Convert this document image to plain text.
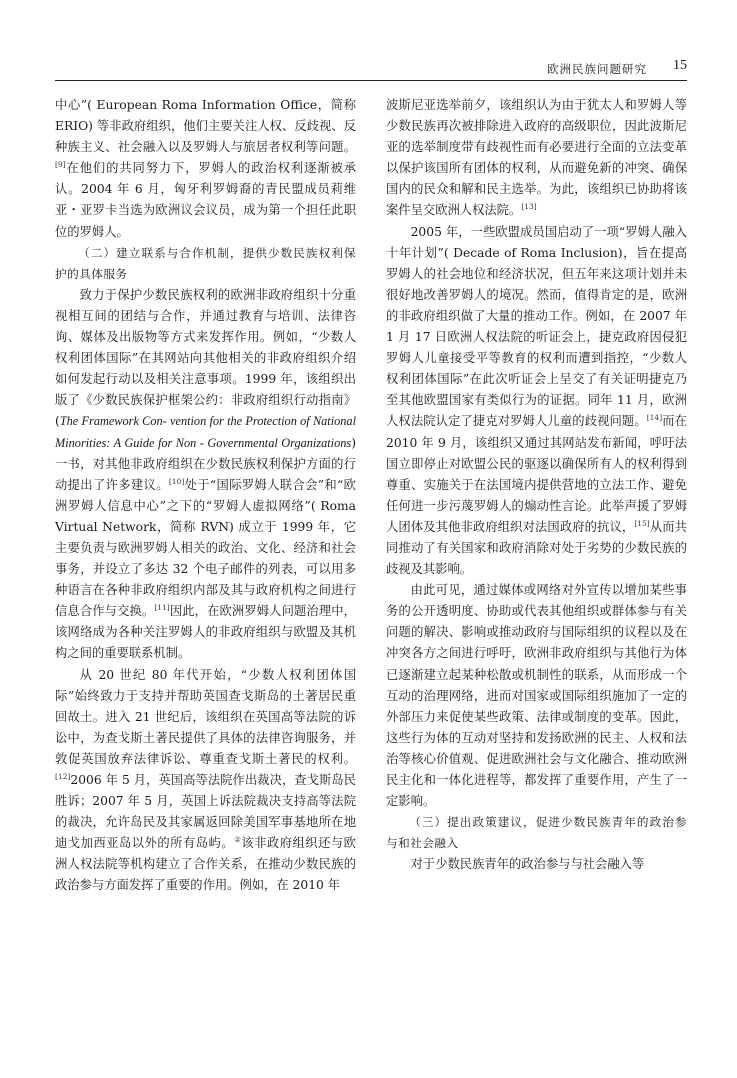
欧洲民族问题研究 15

中心”( European Roma Information Office，简称 ERIO) 等非政府组织，他们主要关注人权、反歧视、反种族主义、社会融入以及罗姆人与旅居者权利等问题。[9]在他们的共同努力下，罗姆人的政治权利逐渐被承认。2004 年 6 月，匈牙利罗姆裔的青民盟成员莉维亚・亚罗卡当选为欧洲议会议员，成为第一个担任此职位的罗姆人。

（二）建立联系与合作机制，提供少数民族权利保护的具体服务

致力于保护少数民族权利的欧洲非政府组织十分重视相互间的团结与合作，并通过教育与培训、法律咨询、媒体及出版物等方式来发挥作用。例如，“少数人权利团体国际”在其网站向其他相关的非政府组织介绍如何发起行动以及相关注意事项。1999 年，该组织出版了《少数民族保护框架公约：非政府组织行动指南》(The Framework Con- vention for the Protection of National Minorities: A Guide for Non - Governmental Organizations) 一书，对其他非政府组织在少数民族权利保护方面的行动提出了许多建议。[10]处于“国际罗姆人联合会”和“欧洲罗姆人信息中心”之下的“罗姆人虚拟网络”( Roma Virtual Network，简称 RVN) 成立于 1999 年，它主要负责与欧洲罗姆人相关的政治、文化、经济和社会事务，并设立了多达 32 个电子邮件的列表，可以用多种语言在各种非政府组织内部及其与政府机构之间进行信息合作与交换。[11]因此，在欧洲罗姆人问题治理中，该网络成为各种关注罗姆人的非政府组织与欧盟及其机构之间的重要联系机制。

从 20 世纪 80 年代开始，“少数人权利团体国际”始终致力于支持并帮助英国查戈斯岛的土著居民重回故土。进入 21 世纪后，该组织在英国高等法院的诉讼中，为查戈斯土著民提供了具体的法律咨询服务，并敦促英国放弃法律诉讼、尊重查戈斯土著民的权利。[12]2006 年 5 月，英国高等法院作出裁决，查戈斯岛民胜诉；2007 年 5 月，英国上诉法院裁决支持高等法院的裁决，允许岛民及其家属返回除美国军事基地所在地迪戈加西亚岛以外的所有岛屿。②该非政府组织还与欧洲人权法院等机构建立了合作关系，在推动少数民族的政治参与方面发挥了重要的作用。例如，在 2010 年

波斯尼亚选举前夕，该组织认为由于犹太人和罗姆人等少数民族再次被排除进入政府的高级职位，因此波斯尼亚的选举制度带有歧视性而有必要进行全面的立法变革以保护该国所有团体的权利，从而避免新的冲突、确保国内的民众和解和民主选举。为此，该组织已协助将该案件呈交欧洲人权法院。[13]

2005 年，一些欧盟成员国启动了一项“罗姆人融入十年计划”( Decade of Roma Inclusion)，旨在提高罗姆人的社会地位和经济状况，但五年来这项计划并未很好地改善罗姆人的境况。然而，值得肯定的是，欧洲的非政府组织做了大量的推动工作。例如，在 2007 年 1 月 17 日欧洲人权法院的听证会上，捷克政府因侵犯罗姆人儿童接受平等教育的权利而遭到指控，“少数人权利团体国际”在此次听证会上呈交了有关证明捷克乃至其他欧盟国家有类似行为的证据。同年 11 月，欧洲人权法院认定了捷克对罗姆人儿童的歧视问题。[14]而在 2010 年 9 月，该组织又通过其网站发布新闻，呼吁法国立即停止对欧盟公民的驱逐以确保所有人的权利得到尊重、实施关于在法国境内提供营地的立法工作、避免任何进一步污蔑罗姆人的煽动性言论。此举声援了罗姆人团体及其他非政府组织对法国政府的抗议，[15]从而共同推动了有关国家和政府消除对处于劣势的少数民族的歧视及其影响。

由此可见，通过媒体或网络对外宣传以增加某些事务的公开透明度、协助或代表其他组织或群体参与有关问题的解决、影响或推动政府与国际组织的议程以及在冲突各方之间进行呼吁，欧洲非政府组织与其他行为体已逐渐建立起某种松散或机制性的联系，从而形成一个互动的治理网络，进而对国家或国际组织施加了一定的外部压力来促使某些政策、法律或制度的变革。因此，这些行为体的互动对坚持和发扬欧洲的民主、人权和法治等核心价值观、促进欧洲社会与文化融合、推动欧洲民主化和一体化进程等，都发挥了重要作用，产生了一定影响。

（三）提出政策建议，促进少数民族青年的政治参与和社会融入

对于少数民族青年的政治参与与社会融入等
